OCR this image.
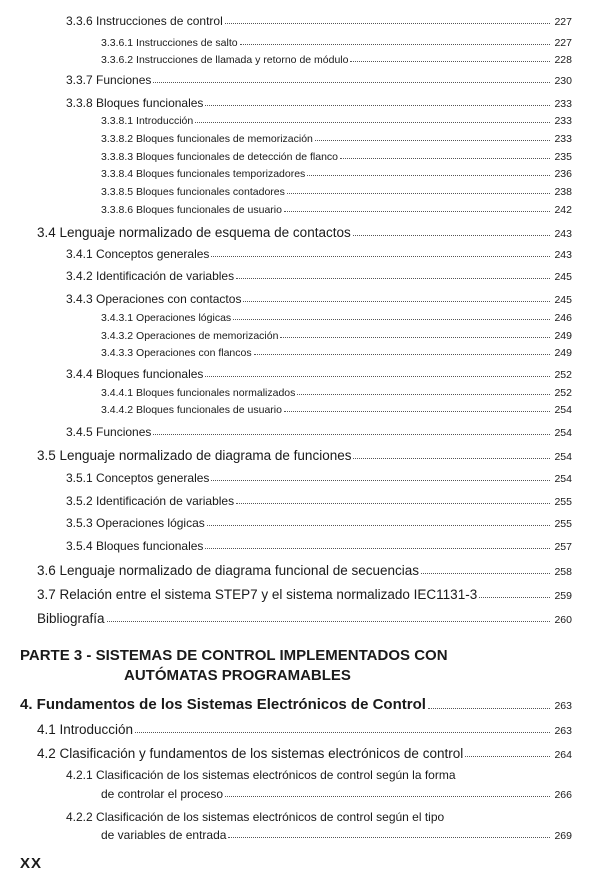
3.3.6 Instrucciones de control	227
3.3.6.1 Instrucciones de salto	227
3.3.6.2 Instrucciones de llamada y retorno de módulo	228
3.3.7 Funciones	230
3.3.8 Bloques funcionales	233
3.3.8.1 Introducción	233
3.3.8.2 Bloques funcionales de memorización	233
3.3.8.3 Bloques funcionales de detección de flanco	235
3.3.8.4 Bloques funcionales temporizadores	236
3.3.8.5 Bloques funcionales contadores	238
3.3.8.6 Bloques funcionales de usuario	242
3.4 Lenguaje normalizado de esquema de contactos	243
3.4.1 Conceptos generales	243
3.4.2 Identificación de variables	245
3.4.3 Operaciones con contactos	245
3.4.3.1 Operaciones lógicas	246
3.4.3.2 Operaciones de memorización	249
3.4.3.3 Operaciones con flancos	249
3.4.4 Bloques funcionales	252
3.4.4.1 Bloques funcionales normalizados	252
3.4.4.2 Bloques funcionales de usuario	254
3.4.5 Funciones	254
3.5 Lenguaje normalizado de diagrama de funciones	254
3.5.1 Conceptos generales	254
3.5.2 Identificación de variables	255
3.5.3 Operaciones lógicas	255
3.5.4 Bloques funcionales	257
3.6 Lenguaje normalizado de diagrama funcional de secuencias	258
3.7 Relación entre el sistema STEP7 y el sistema normalizado IEC1131-3	259
Bibliografía	260
PARTE 3 - SISTEMAS DE CONTROL IMPLEMENTADOS CON
AUTÓMATAS PROGRAMABLES
4. Fundamentos de los Sistemas Electrónicos de Control	263
4.1 Introducción	263
4.2 Clasificación y fundamentos de los sistemas electrónicos de control	264
4.2.1 Clasificación de los sistemas electrónicos de control según la forma
de controlar el proceso	266
4.2.2 Clasificación de los sistemas electrónicos de control según el tipo
de variables de entrada	269
XX
